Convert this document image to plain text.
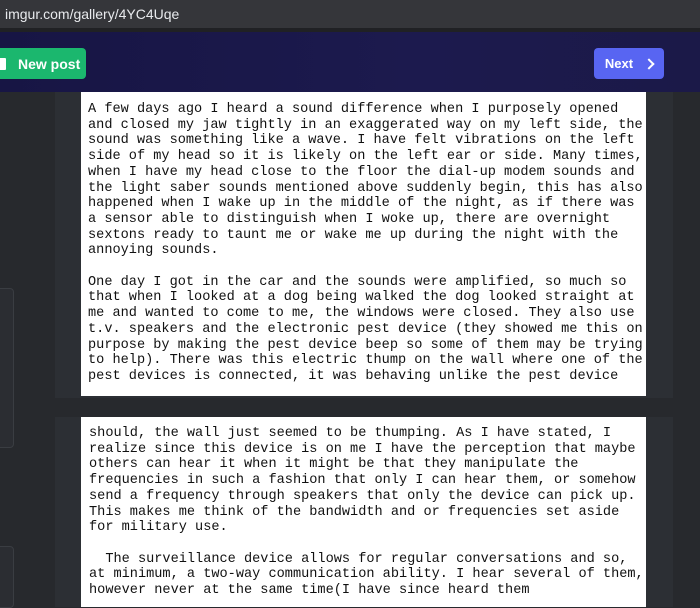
imgur.com/gallery/4YC4Uqe
New post	Next
A few days ago I heard a sound difference when I purposely opened
and closed my jaw tightly in an exaggerated way on my left side, the
sound was something like a wave. I have felt vibrations on the left
side of my head so it is likely on the left ear or side. Many times,
when I have my head close to the floor the dial-up modem sounds and
the light saber sounds mentioned above suddenly begin, this has also
happened when I wake up in the middle of the night, as if there was
a sensor able to distinguish when I woke up, there are overnight
sextons ready to taunt me or wake me up during the night with the
annoying sounds.

One day I got in the car and the sounds were amplified, so much so
that when I looked at a dog being walked the dog looked straight at
me and wanted to come to me, the windows were closed. They also use
t.v. speakers and the electronic pest device (they showed me this on
purpose by making the pest device beep so some of them may be trying
to help). There was this electric thump on the wall where one of the
pest devices is connected, it was behaving unlike the pest device
should, the wall just seemed to be thumping. As I have stated, I
realize since this device is on me I have the perception that maybe
others can hear it when it might be that they manipulate the
frequencies in such a fashion that only I can hear them, or somehow
send a frequency through speakers that only the device can pick up.
This makes me think of the bandwidth and or frequencies set aside
for military use.

The surveillance device allows for regular conversations and so,
at minimum, a two-way communication ability. I hear several of them,
however never at the same time(I have since heard them
